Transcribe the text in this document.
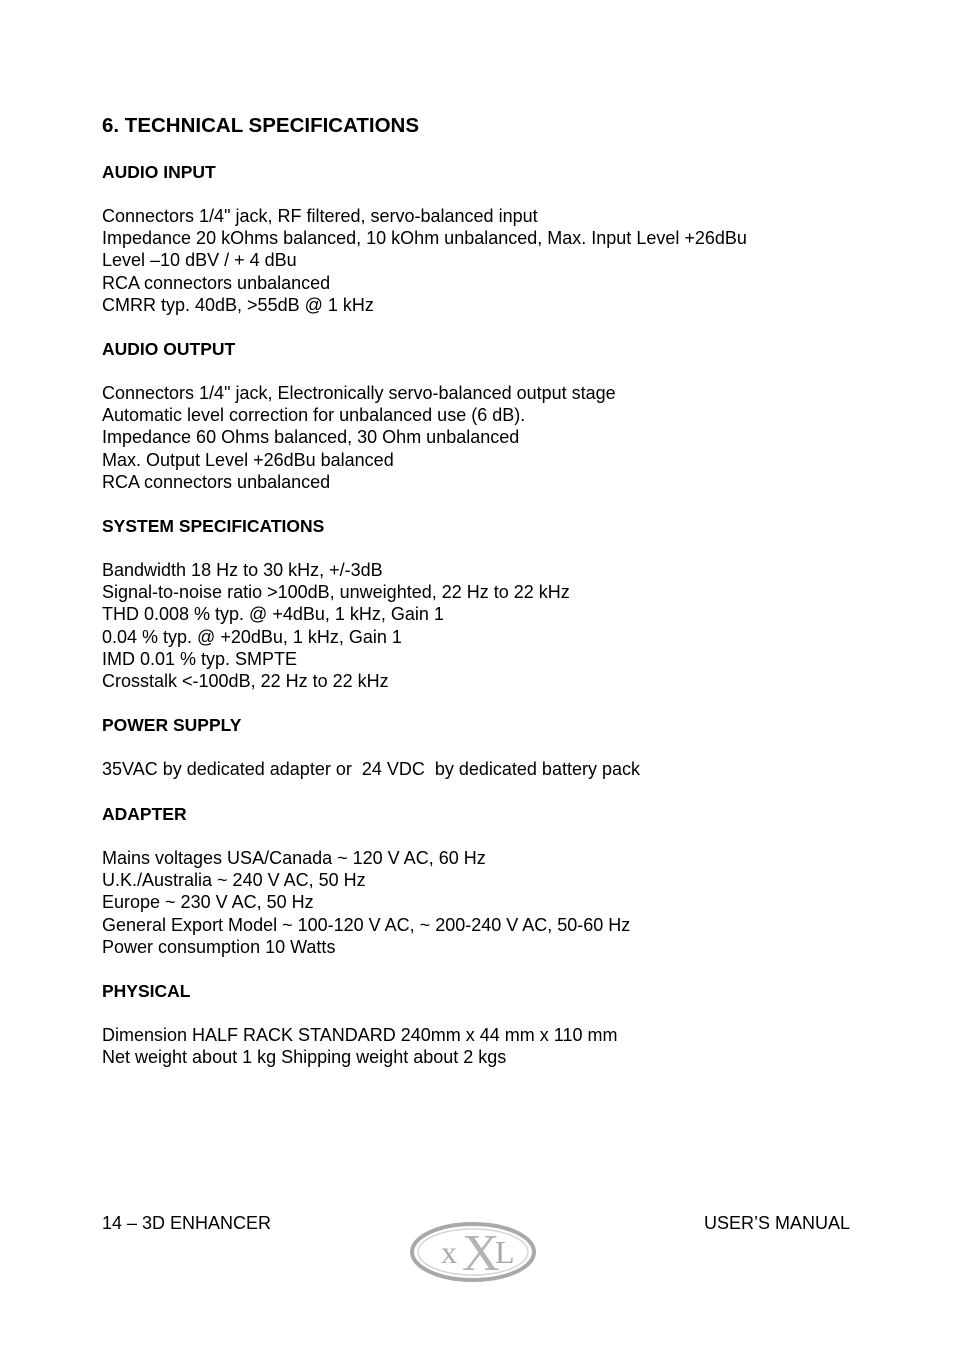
6. TECHNICAL SPECIFICATIONS
AUDIO INPUT
Connectors 1/4" jack, RF filtered, servo-balanced input
Impedance 20 kOhms balanced, 10 kOhm unbalanced, Max. Input Level +26dBu
Level –10 dBV / + 4 dBu
RCA connectors unbalanced
CMRR typ. 40dB, >55dB @ 1 kHz
AUDIO OUTPUT
Connectors 1/4" jack, Electronically servo-balanced output stage
Automatic level correction for unbalanced use (6 dB).
Impedance 60 Ohms balanced, 30 Ohm unbalanced
Max. Output Level +26dBu balanced
RCA connectors unbalanced
SYSTEM SPECIFICATIONS
Bandwidth 18 Hz to 30 kHz, +/-3dB
Signal-to-noise ratio >100dB, unweighted, 22 Hz to 22 kHz
THD 0.008 % typ. @ +4dBu, 1 kHz, Gain 1
0.04 % typ. @ +20dBu, 1 kHz, Gain 1
IMD 0.01 % typ. SMPTE
Crosstalk <-100dB, 22 Hz to 22 kHz
POWER SUPPLY
35VAC by dedicated adapter or  24 VDC  by dedicated battery pack
ADAPTER
Mains voltages USA/Canada ~ 120 V AC, 60 Hz
U.K./Australia ~ 240 V AC, 50 Hz
Europe ~ 230 V AC, 50 Hz
General Export Model ~ 100-120 V AC, ~ 200-240 V AC, 50-60 Hz
Power consumption 10 Watts
PHYSICAL
Dimension HALF RACK STANDARD 240mm x 44 mm x 110 mm
Net weight about 1 kg Shipping weight about 2 kgs
14 – 3D ENHANCER
x X
L
USER’S MANUAL
